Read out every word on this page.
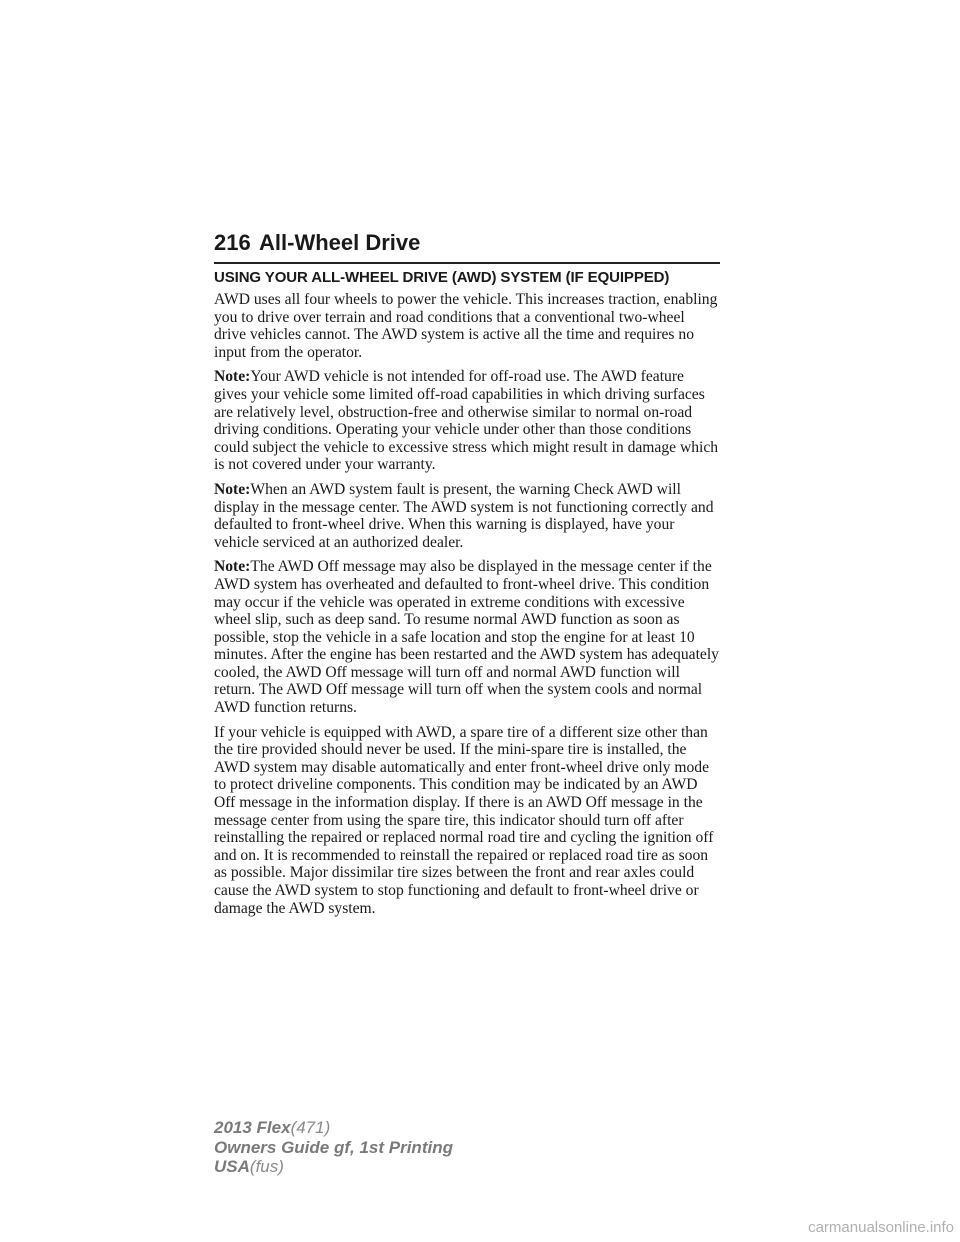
216 All-Wheel Drive
USING YOUR ALL-WHEEL DRIVE (AWD) SYSTEM (IF EQUIPPED)

AWD uses all four wheels to power the vehicle. This increases traction, enabling you to drive over terrain and road conditions that a conventional two-wheel drive vehicles cannot. The AWD system is active all the time and requires no input from the operator.

Note:Your AWD vehicle is not intended for off-road use. The AWD feature gives your vehicle some limited off-road capabilities in which driving surfaces are relatively level, obstruction-free and otherwise similar to normal on-road driving conditions. Operating your vehicle under other than those conditions could subject the vehicle to excessive stress which might result in damage which is not covered under your warranty.

Note:When an AWD system fault is present, the warning Check AWD will display in the message center. The AWD system is not functioning correctly and defaulted to front-wheel drive. When this warning is displayed, have your vehicle serviced at an authorized dealer.

Note:The AWD Off message may also be displayed in the message center if the AWD system has overheated and defaulted to front-wheel drive. This condition may occur if the vehicle was operated in extreme conditions with excessive wheel slip, such as deep sand. To resume normal AWD function as soon as possible, stop the vehicle in a safe location and stop the engine for at least 10 minutes. After the engine has been restarted and the AWD system has adequately cooled, the AWD Off message will turn off and normal AWD function will return. The AWD Off message will turn off when the system cools and normal AWD function returns.

If your vehicle is equipped with AWD, a spare tire of a different size other than the tire provided should never be used. If the mini-spare tire is installed, the AWD system may disable automatically and enter front-wheel drive only mode to protect driveline components. This condition may be indicated by an AWD Off message in the information display. If there is an AWD Off message in the message center from using the spare tire, this indicator should turn off after reinstalling the repaired or replaced normal road tire and cycling the ignition off and on. It is recommended to reinstall the repaired or replaced road tire as soon as possible. Major dissimilar tire sizes between the front and rear axles could cause the AWD system to stop functioning and default to front-wheel drive or damage the AWD system.

2013 Flex(471)
Owners Guide gf, 1st Printing
USA(fus)
carmanualsonline.info
